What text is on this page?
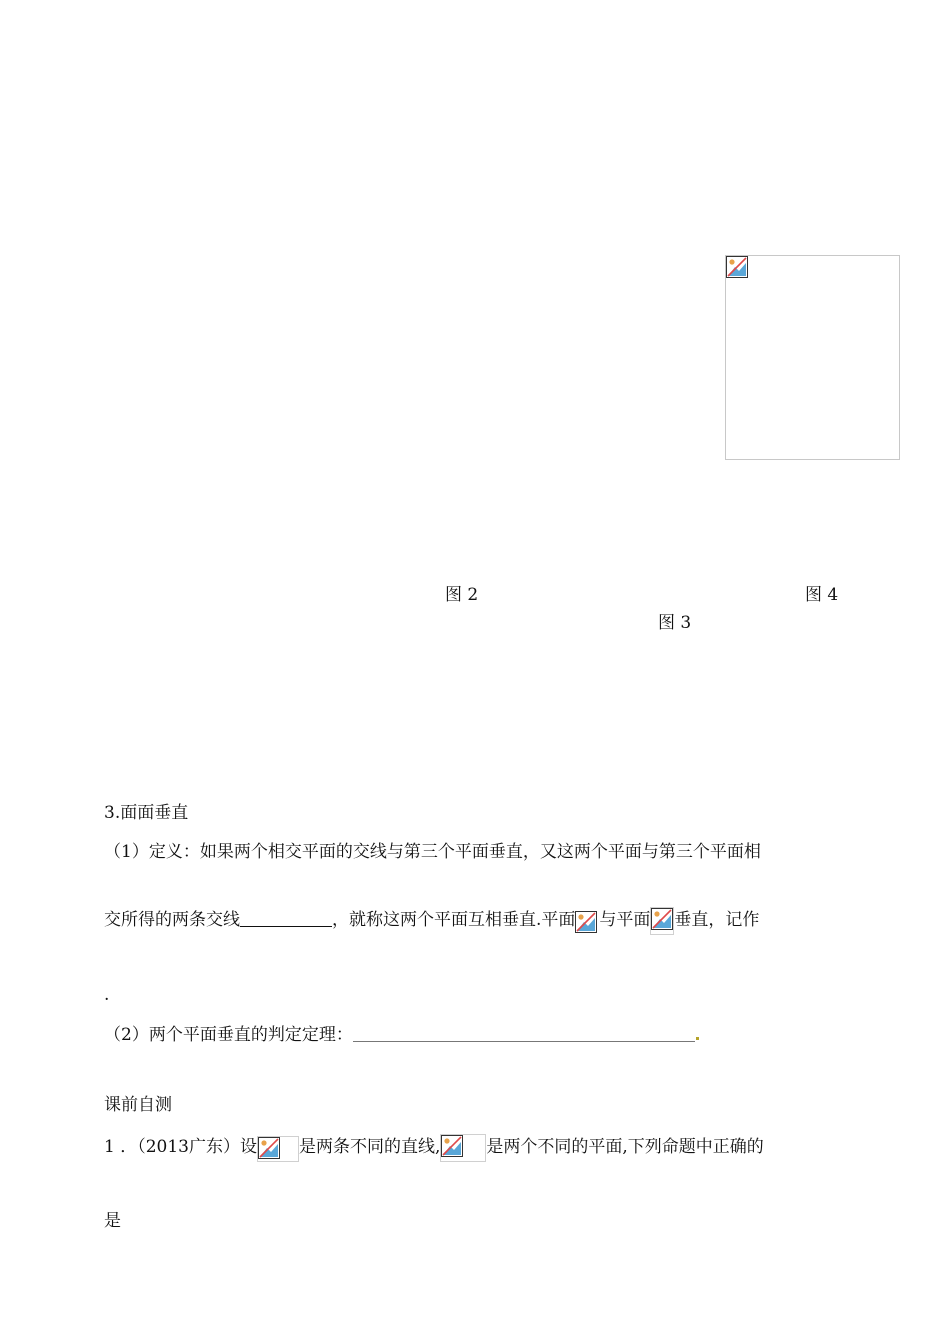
图 2	图 4
图 3
3.面面垂直
（1）定义：如果两个相交平面的交线与第三个平面垂直，又这两个平面与第三个平面相
交所得的两条交线	，就称这两个平面互相垂直.平面 与平面 垂直，记作
.
（2）两个平面垂直的判定定理：
课前自测
1 ．（2013广东）设 是两条不同的直线,	是两个不同的平面,下列命题中正确的
是
